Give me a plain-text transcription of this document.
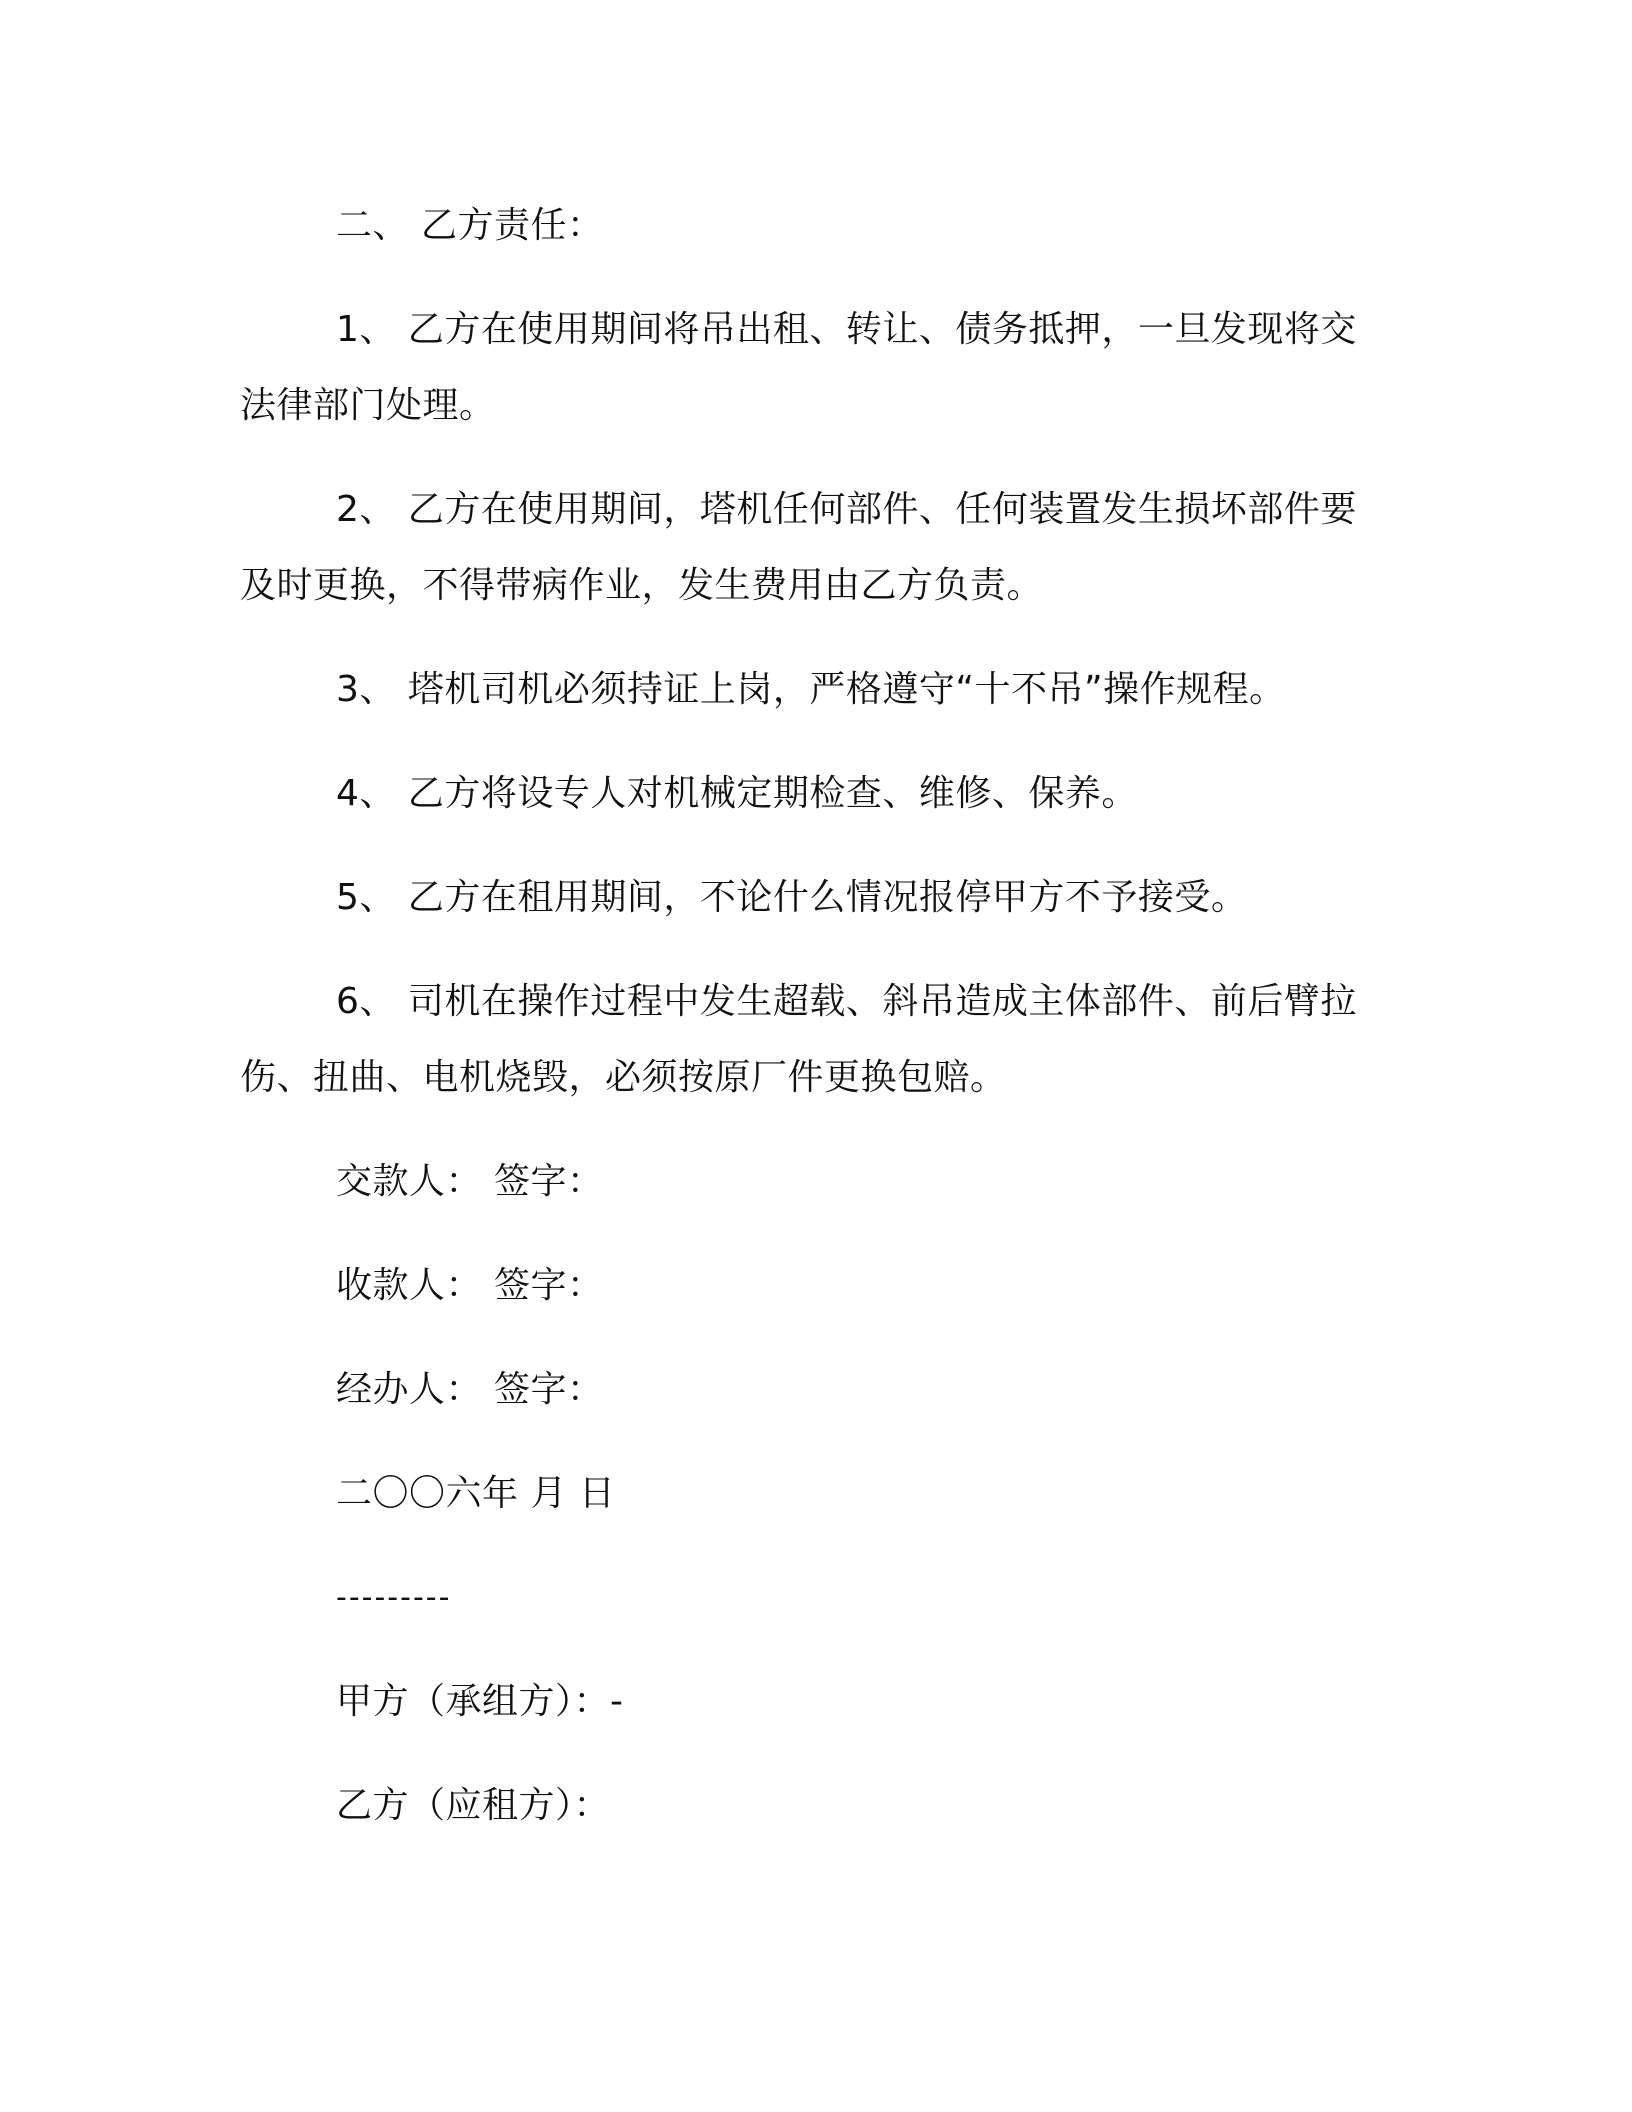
二、 乙方责任：

1、 乙方在使用期间将吊出租、转让、债务抵押，一旦发现将交法律部门处理。

2、 乙方在使用期间，塔机任何部件、任何装置发生损坏部件要及时更换，不得带病作业，发生费用由乙方负责。

3、 塔机司机必须持证上岗，严格遵守“十不吊”操作规程。

4、 乙方将设专人对机械定期检查、维修、保养。

5、 乙方在租用期间，不论什么情况报停甲方不予接受。

6、 司机在操作过程中发生超载、斜吊造成主体部件、前后臂拉伤、扭曲、电机烧毁，必须按原厂件更换包赔。

交款人： 签字：

收款人： 签字：

经办人： 签字：

二〇〇六年 月 日

---------

甲方（承组方）：-

乙方（应租方）：
